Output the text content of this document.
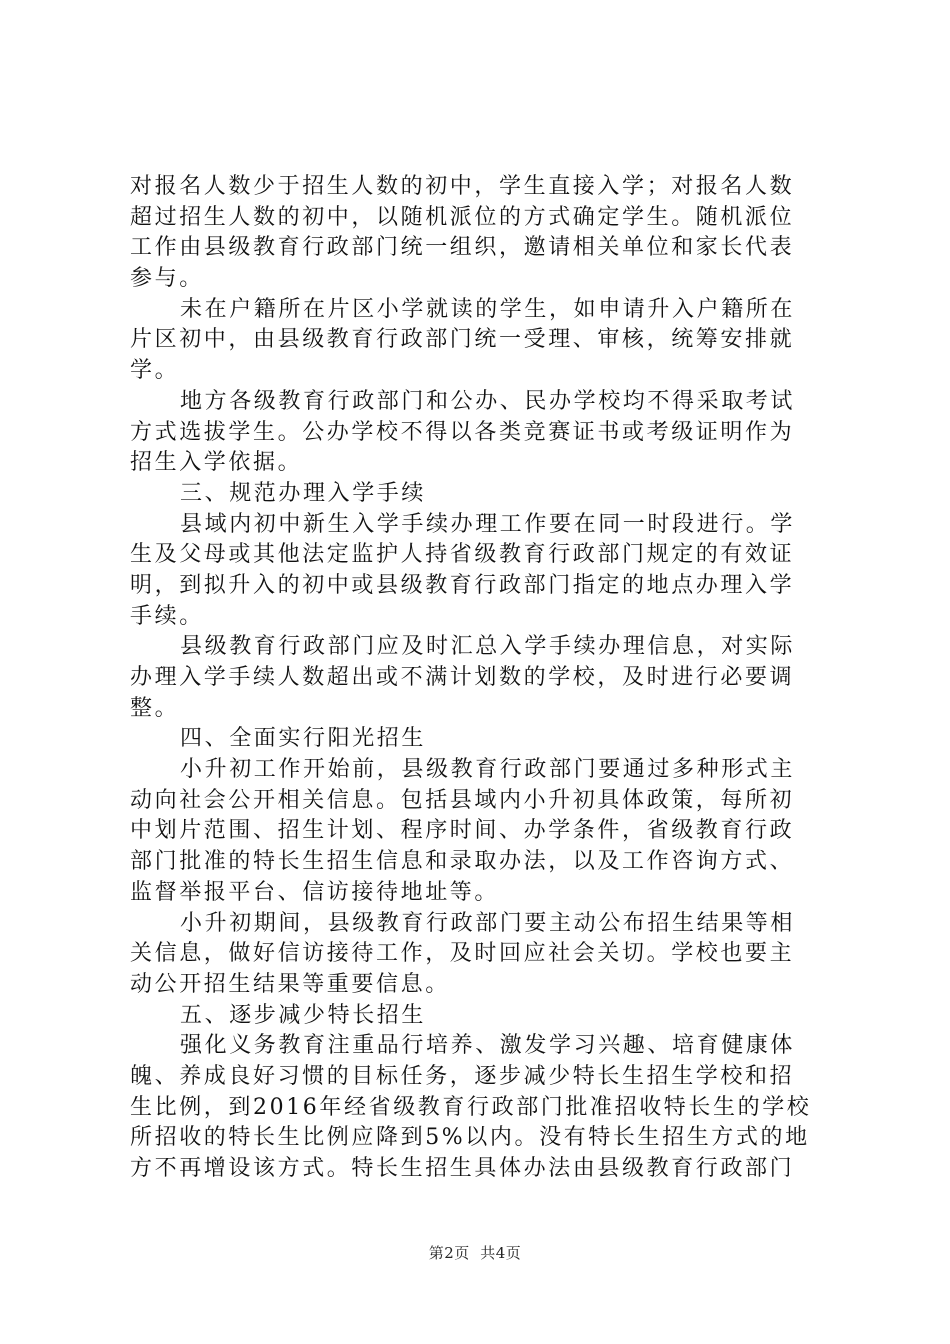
对报名人数少于招生人数的初中，学生直接入学；对报名人数
超过招生人数的初中，以随机派位的方式确定学生。随机派位
工作由县级教育行政部门统一组织，邀请相关单位和家长代表
参与。
未在户籍所在片区小学就读的学生，如申请升入户籍所在
片区初中，由县级教育行政部门统一受理、审核，统筹安排就
学。
地方各级教育行政部门和公办、民办学校均不得采取考试
方式选拔学生。公办学校不得以各类竞赛证书或考级证明作为
招生入学依据。
三、规范办理入学手续
县域内初中新生入学手续办理工作要在同一时段进行。学
生及父母或其他法定监护人持省级教育行政部门规定的有效证
明，到拟升入的初中或县级教育行政部门指定的地点办理入学
手续。
县级教育行政部门应及时汇总入学手续办理信息，对实际
办理入学手续人数超出或不满计划数的学校，及时进行必要调
整。
四、全面实行阳光招生
小升初工作开始前，县级教育行政部门要通过多种形式主
动向社会公开相关信息。包括县域内小升初具体政策，每所初
中划片范围、招生计划、程序时间、办学条件，省级教育行政
部门批准的特长生招生信息和录取办法，以及工作咨询方式、
监督举报平台、信访接待地址等。
小升初期间，县级教育行政部门要主动公布招生结果等相
关信息，做好信访接待工作，及时回应社会关切。学校也要主
动公开招生结果等重要信息。
五、逐步减少特长招生
强化义务教育注重品行培养、激发学习兴趣、培育健康体
魄、养成良好习惯的目标任务，逐步减少特长生招生学校和招
生比例，到2016年经省级教育行政部门批准招收特长生的学校
所招收的特长生比例应降到5%以内。没有特长生招生方式的地
方不再增设该方式。特长生招生具体办法由县级教育行政部门
第2页  共4页
